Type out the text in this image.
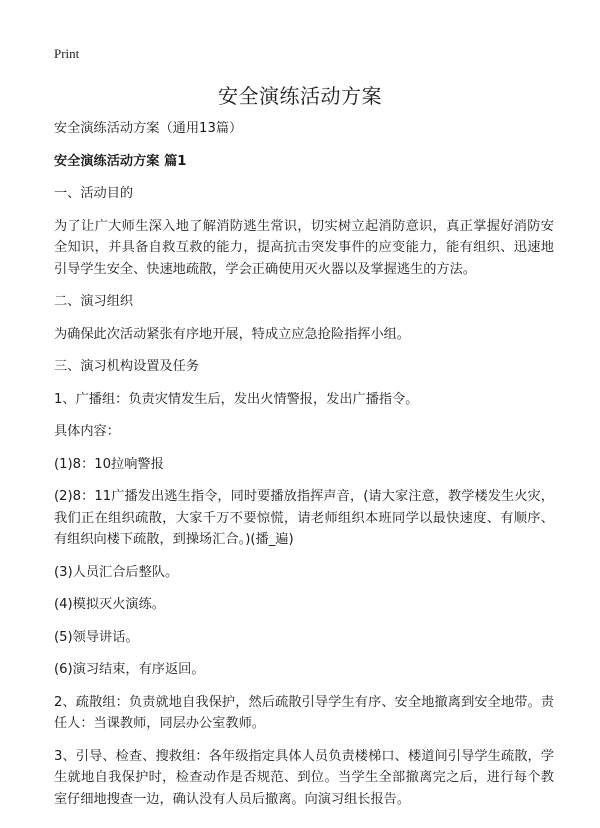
Print
安全演练活动方案

安全演练活动方案（通用13篇）

安全演练活动方案 篇1

一、活动目的

为了让广大师生深入地了解消防逃生常识，切实树立起消防意识，真正掌握好消防安全知识，并具备自救互救的能力，提高抗击突发事件的应变能力，能有组织、迅速地引导学生安全、快速地疏散，学会正确使用灭火器以及掌握逃生的方法。

二、演习组织

为确保此次活动紧张有序地开展，特成立应急抢险指挥小组。

三、演习机构设置及任务

1、广播组：负责灾情发生后，发出火情警报，发出广播指令。

具体内容：

(1)8：10拉响警报

(2)8：11广播发出逃生指令，同时要播放指挥声音，(请大家注意，教学楼发生火灾，我们正在组织疏散，大家千万不要惊慌，请老师组织本班同学以最快速度、有顺序、有组织向楼下疏散，到操场汇合。)(播_遍)

(3)人员汇合后整队。

(4)模拟灭火演练。

(5)领导讲话。

(6)演习结束，有序返回。

2、疏散组：负责就地自我保护，然后疏散引导学生有序、安全地撤离到安全地带。责任人：当课教师，同层办公室教师。

3、引导、检查、搜救组：各年级指定具体人员负责楼梯口、楼道间引导学生疏散，学生就地自我保护时，检查动作是否规范、到位。当学生全部撤离完之后，进行每个教室仔细地搜查一边，确认没有人员后撤离。向演习组长报告。
